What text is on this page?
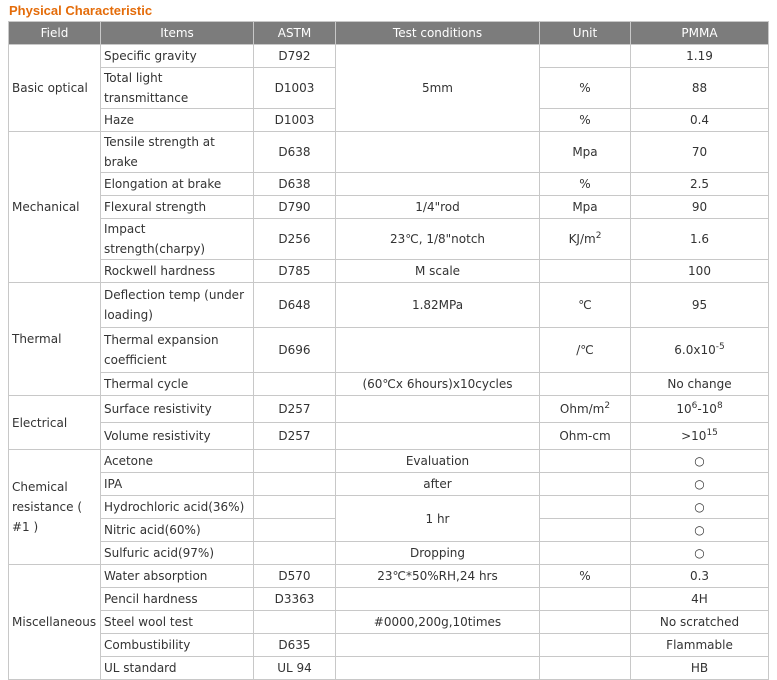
Physical Characteristic
Field	Items	ASTM	Test conditions	Unit	PMMA
Basic optical	Specific gravity	D792	5mm		1.19
	Total light transmittance	D1003		%	88
	Haze	D1003		%	0.4
Mechanical	Tensile strength at brake	D638		Mpa	70
	Elongation at brake	D638		%	2.5
	Flexural strength	D790	1/4"rod	Mpa	90
	Impact strength(charpy)	D256	23℃, 1/8"notch	$KJ/m^2$	1.6
	Rockwell hardness	D785	M scale		100
Thermal	Deflection temp (under loading)	D648	1.82MPa	℃	95
	Thermal expansion coefficient	D696		/℃	$6.0x10^{-5}$
	Thermal cycle		(60℃x 6hours)x10cycles		No change
Electrical	Surface resistivity	D257		Ohm/$m^2$	$10^6-10^8$
	Volume resistivity	D257		Ohm-cm	$>10^{15}$
Chemical resistance ( #1 )	Acetone		Evaluation		○
	IPA		after		○
	Hydrochloric acid(36%)		1 hr		○
	Nitric acid(60%)				○
	Sulfuric acid(97%)		Dropping		○
Miscellaneous	Water absorption	D570	23℃*50%RH,24 hrs	%	0.3
	Pencil hardness	D3363			4H
	Steel wool test		#0000,200g,10times		No scratched
	Combustibility	D635			Flammable
	UL standard	UL 94			HB
